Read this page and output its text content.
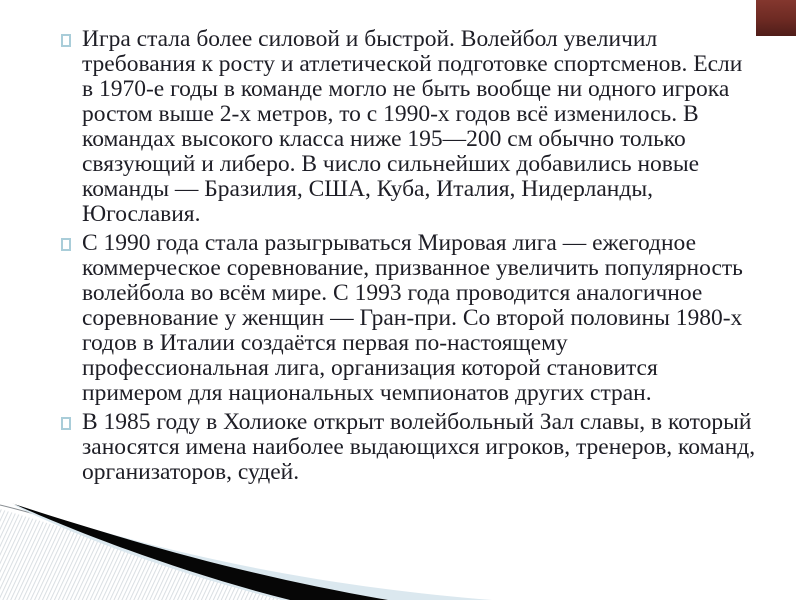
Игра стала более силовой и быстрой. Волейбол увеличил требования к росту и атлетической подготовке спортсменов. Если в 1970-е годы в команде могло не быть вообще ни одного игрока ростом выше 2-х метров, то с 1990-х годов всё изменилось. В командах высокого класса ниже 195—200 см обычно только связующий и либеро. В число сильнейших добавились новые команды — Бразилия, США, Куба, Италия, Нидерланды, Югославия.
С 1990 года стала разыгрываться Мировая лига — ежегодное коммерческое соревнование, призванное увеличить популярность волейбола во всём мире. С 1993 года проводится аналогичное соревнование у женщин — Гран-при. Со второй половины 1980-х годов в Италии создаётся первая по-настоящему профессиональная лига, организация которой становится примером для национальных чемпионатов других стран.
В 1985 году в Холиоке открыт волейбольный Зал славы, в который заносятся имена наиболее выдающихся игроков, тренеров, команд, организаторов, судей.
